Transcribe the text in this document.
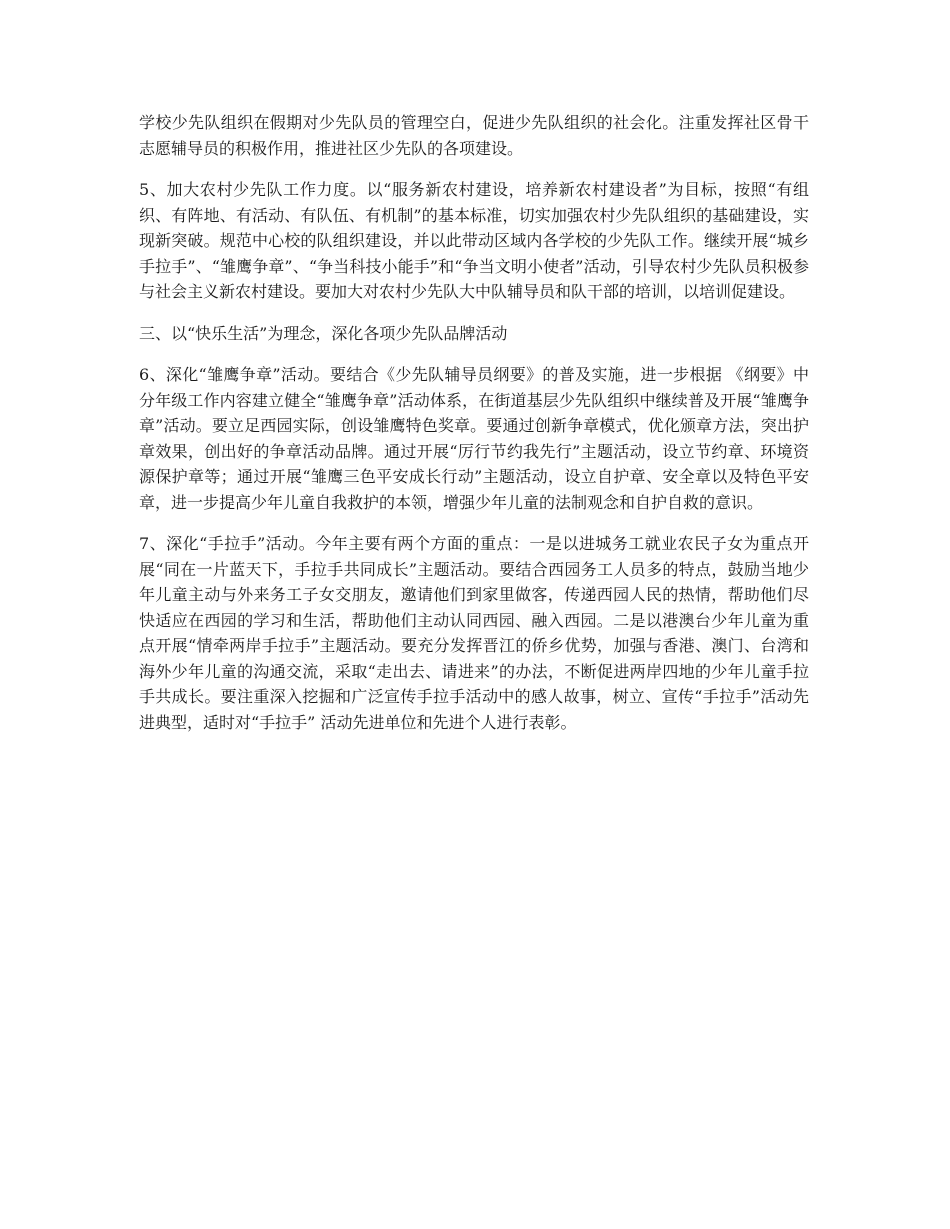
学校少先队组织在假期对少先队员的管理空白，促进少先队组织的社会化。注重发挥社区骨干志愿辅导员的积极作用，推进社区少先队的各项建设。

5、加大农村少先队工作力度。以“服务新农村建设，培养新农村建设者”为目标，按照“有组织、有阵地、有活动、有队伍、有机制”的基本标准，切实加强农村少先队组织的基础建设，实现新突破。规范中心校的队组织建设，并以此带动区域内各学校的少先队工作。继续开展“城乡手拉手”、“雏鹰争章”、“争当科技小能手”和“争当文明小使者”活动，引导农村少先队员积极参与社会主义新农村建设。要加大对农村少先队大中队辅导员和队干部的培训，以培训促建设。

三、以“快乐生活”为理念，深化各项少先队品牌活动

6、深化“雏鹰争章”活动。要结合《少先队辅导员纲要》的普及实施，进一步根据 《纲要》中分年级工作内容建立健全“雏鹰争章”活动体系，在街道基层少先队组织中继续普及开展“雏鹰争章”活动。要立足西园实际，创设雏鹰特色奖章。要通过创新争章模式，优化颁章方法，突出护章效果，创出好的争章活动品牌。通过开展“厉行节约我先行”主题活动，设立节约章、环境资源保护章等；通过开展“雏鹰三色平安成长行动”主题活动，设立自护章、安全章以及特色平安章，进一步提高少年儿童自我救护的本领，增强少年儿童的法制观念和自护自救的意识。

7、深化“手拉手”活动。今年主要有两个方面的重点：一是以进城务工就业农民子女为重点开展“同在一片蓝天下，手拉手共同成长”主题活动。要结合西园务工人员多的特点，鼓励当地少年儿童主动与外来务工子女交朋友，邀请他们到家里做客，传递西园人民的热情，帮助他们尽快适应在西园的学习和生活，帮助他们主动认同西园、融入西园。二是以港澳台少年儿童为重点开展“情牵两岸手拉手”主题活动。要充分发挥晋江的侨乡优势，加强与香港、澳门、台湾和海外少年儿童的沟通交流，采取“走出去、请进来”的办法，不断促进两岸四地的少年儿童手拉手共成长。要注重深入挖掘和广泛宣传手拉手活动中的感人故事，树立、宣传“手拉手”活动先进典型，适时对“手拉手” 活动先进单位和先进个人进行表彰。
